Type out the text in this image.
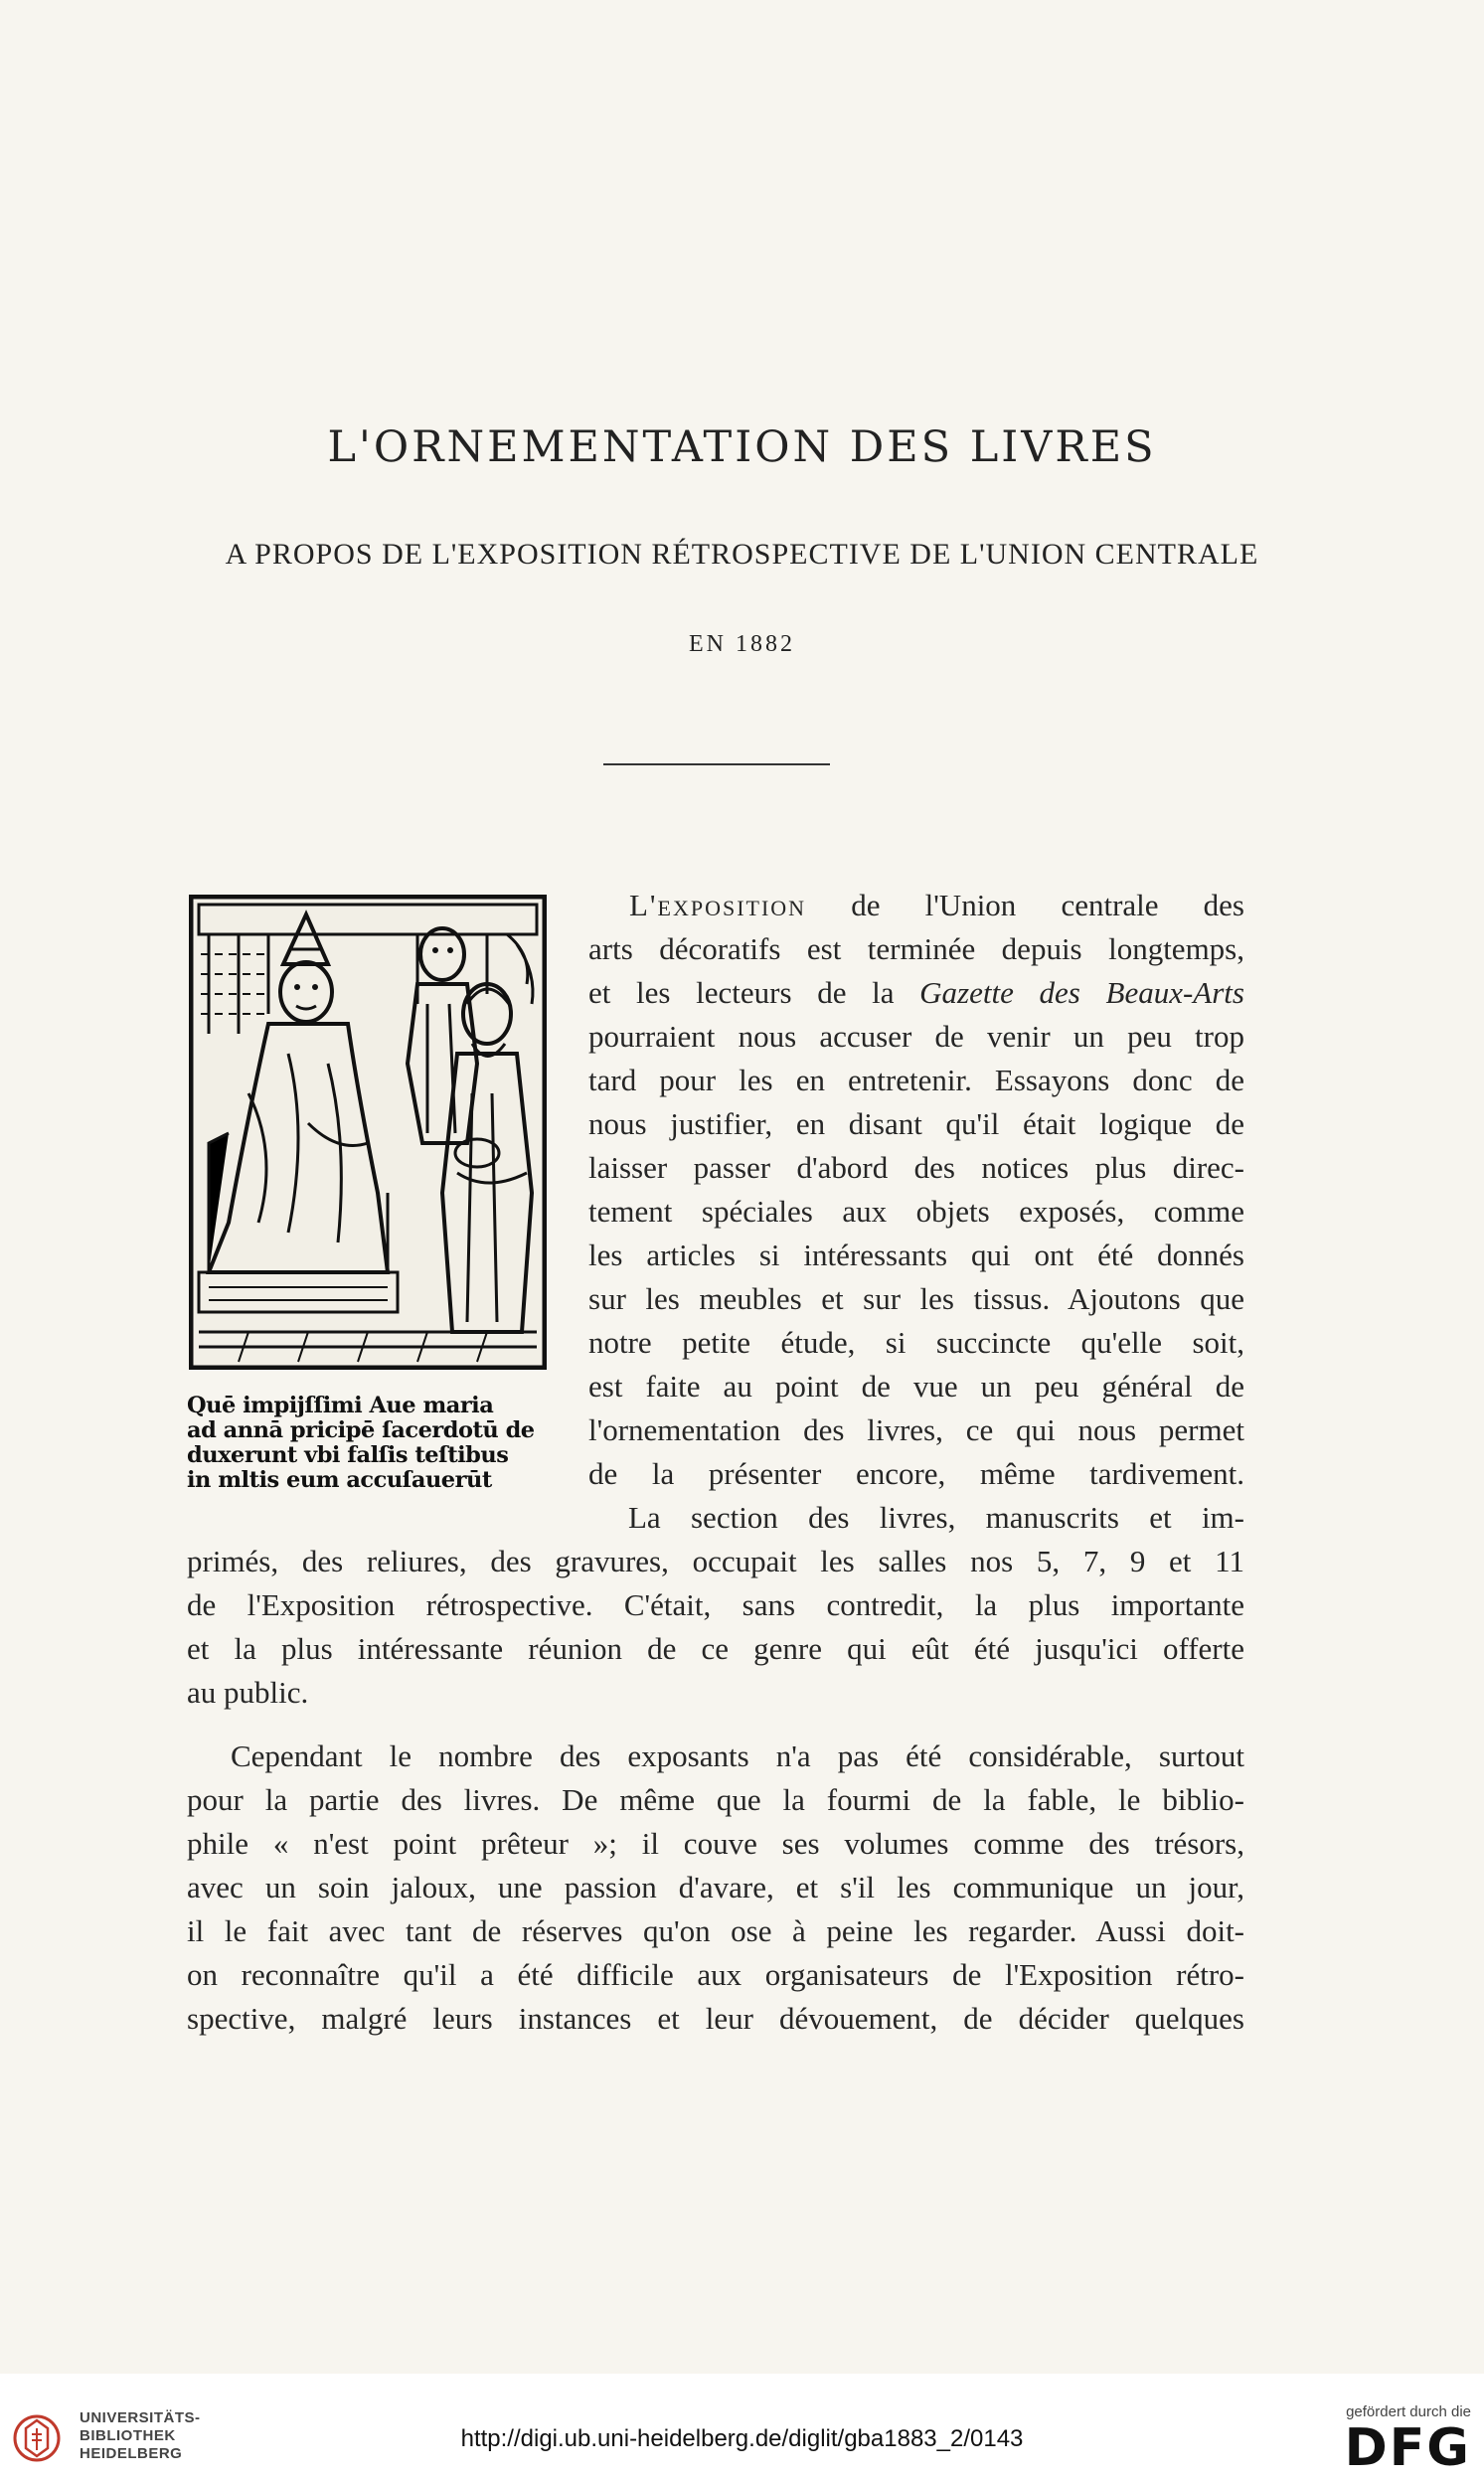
L'ORNEMENTATION DES LIVRES
A PROPOS DE L'EXPOSITION RÉTROSPECTIVE DE L'UNION CENTRALE
EN 1882
Quē impijſſimi Aue maria
ad annā pricipē ſacerdotū de
duxerunt vbi falſis teſtibus
in mltis eum accuſauerūt
L'exposition de l'Union centrale des
arts décoratifs est terminée depuis longtemps,
et les lecteurs de la Gazette des Beaux-Arts
pourraient nous accuser de venir un peu trop
tard pour les en entretenir. Essayons donc de
nous justifier, en disant qu'il était logique de
laisser passer d'abord des notices plus direc-
tement spéciales aux objets exposés, comme
les articles si intéressants qui ont été donnés
sur les meubles et sur les tissus. Ajoutons que
notre petite étude, si succincte qu'elle soit,
est faite au point de vue un peu général de
l'ornementation des livres, ce qui nous permet
de la présenter encore, même tardivement.
La section des livres, manuscrits et im-
primés, des reliures, des gravures, occupait les salles nos 5, 7, 9 et 11
de l'Exposition rétrospective. C'était, sans contredit, la plus importante
et la plus intéressante réunion de ce genre qui eût été jusqu'ici offerte
au public.
Cependant le nombre des exposants n'a pas été considérable, surtout
pour la partie des livres. De même que la fourmi de la fable, le biblio-
phile « n'est point prêteur »; il couve ses volumes comme des trésors,
avec un soin jaloux, une passion d'avare, et s'il les communique un jour,
il le fait avec tant de réserves qu'on ose à peine les regarder. Aussi doit-
on reconnaître qu'il a été difficile aux organisateurs de l'Exposition rétro-
spective, malgré leurs instances et leur dévouement, de décider quelques
UNIVERSITÄTS-
BIBLIOTHEK
HEIDELBERG
http://digi.ub.uni-heidelberg.de/diglit/gba1883_2/0143
gefördert durch die
DFG
